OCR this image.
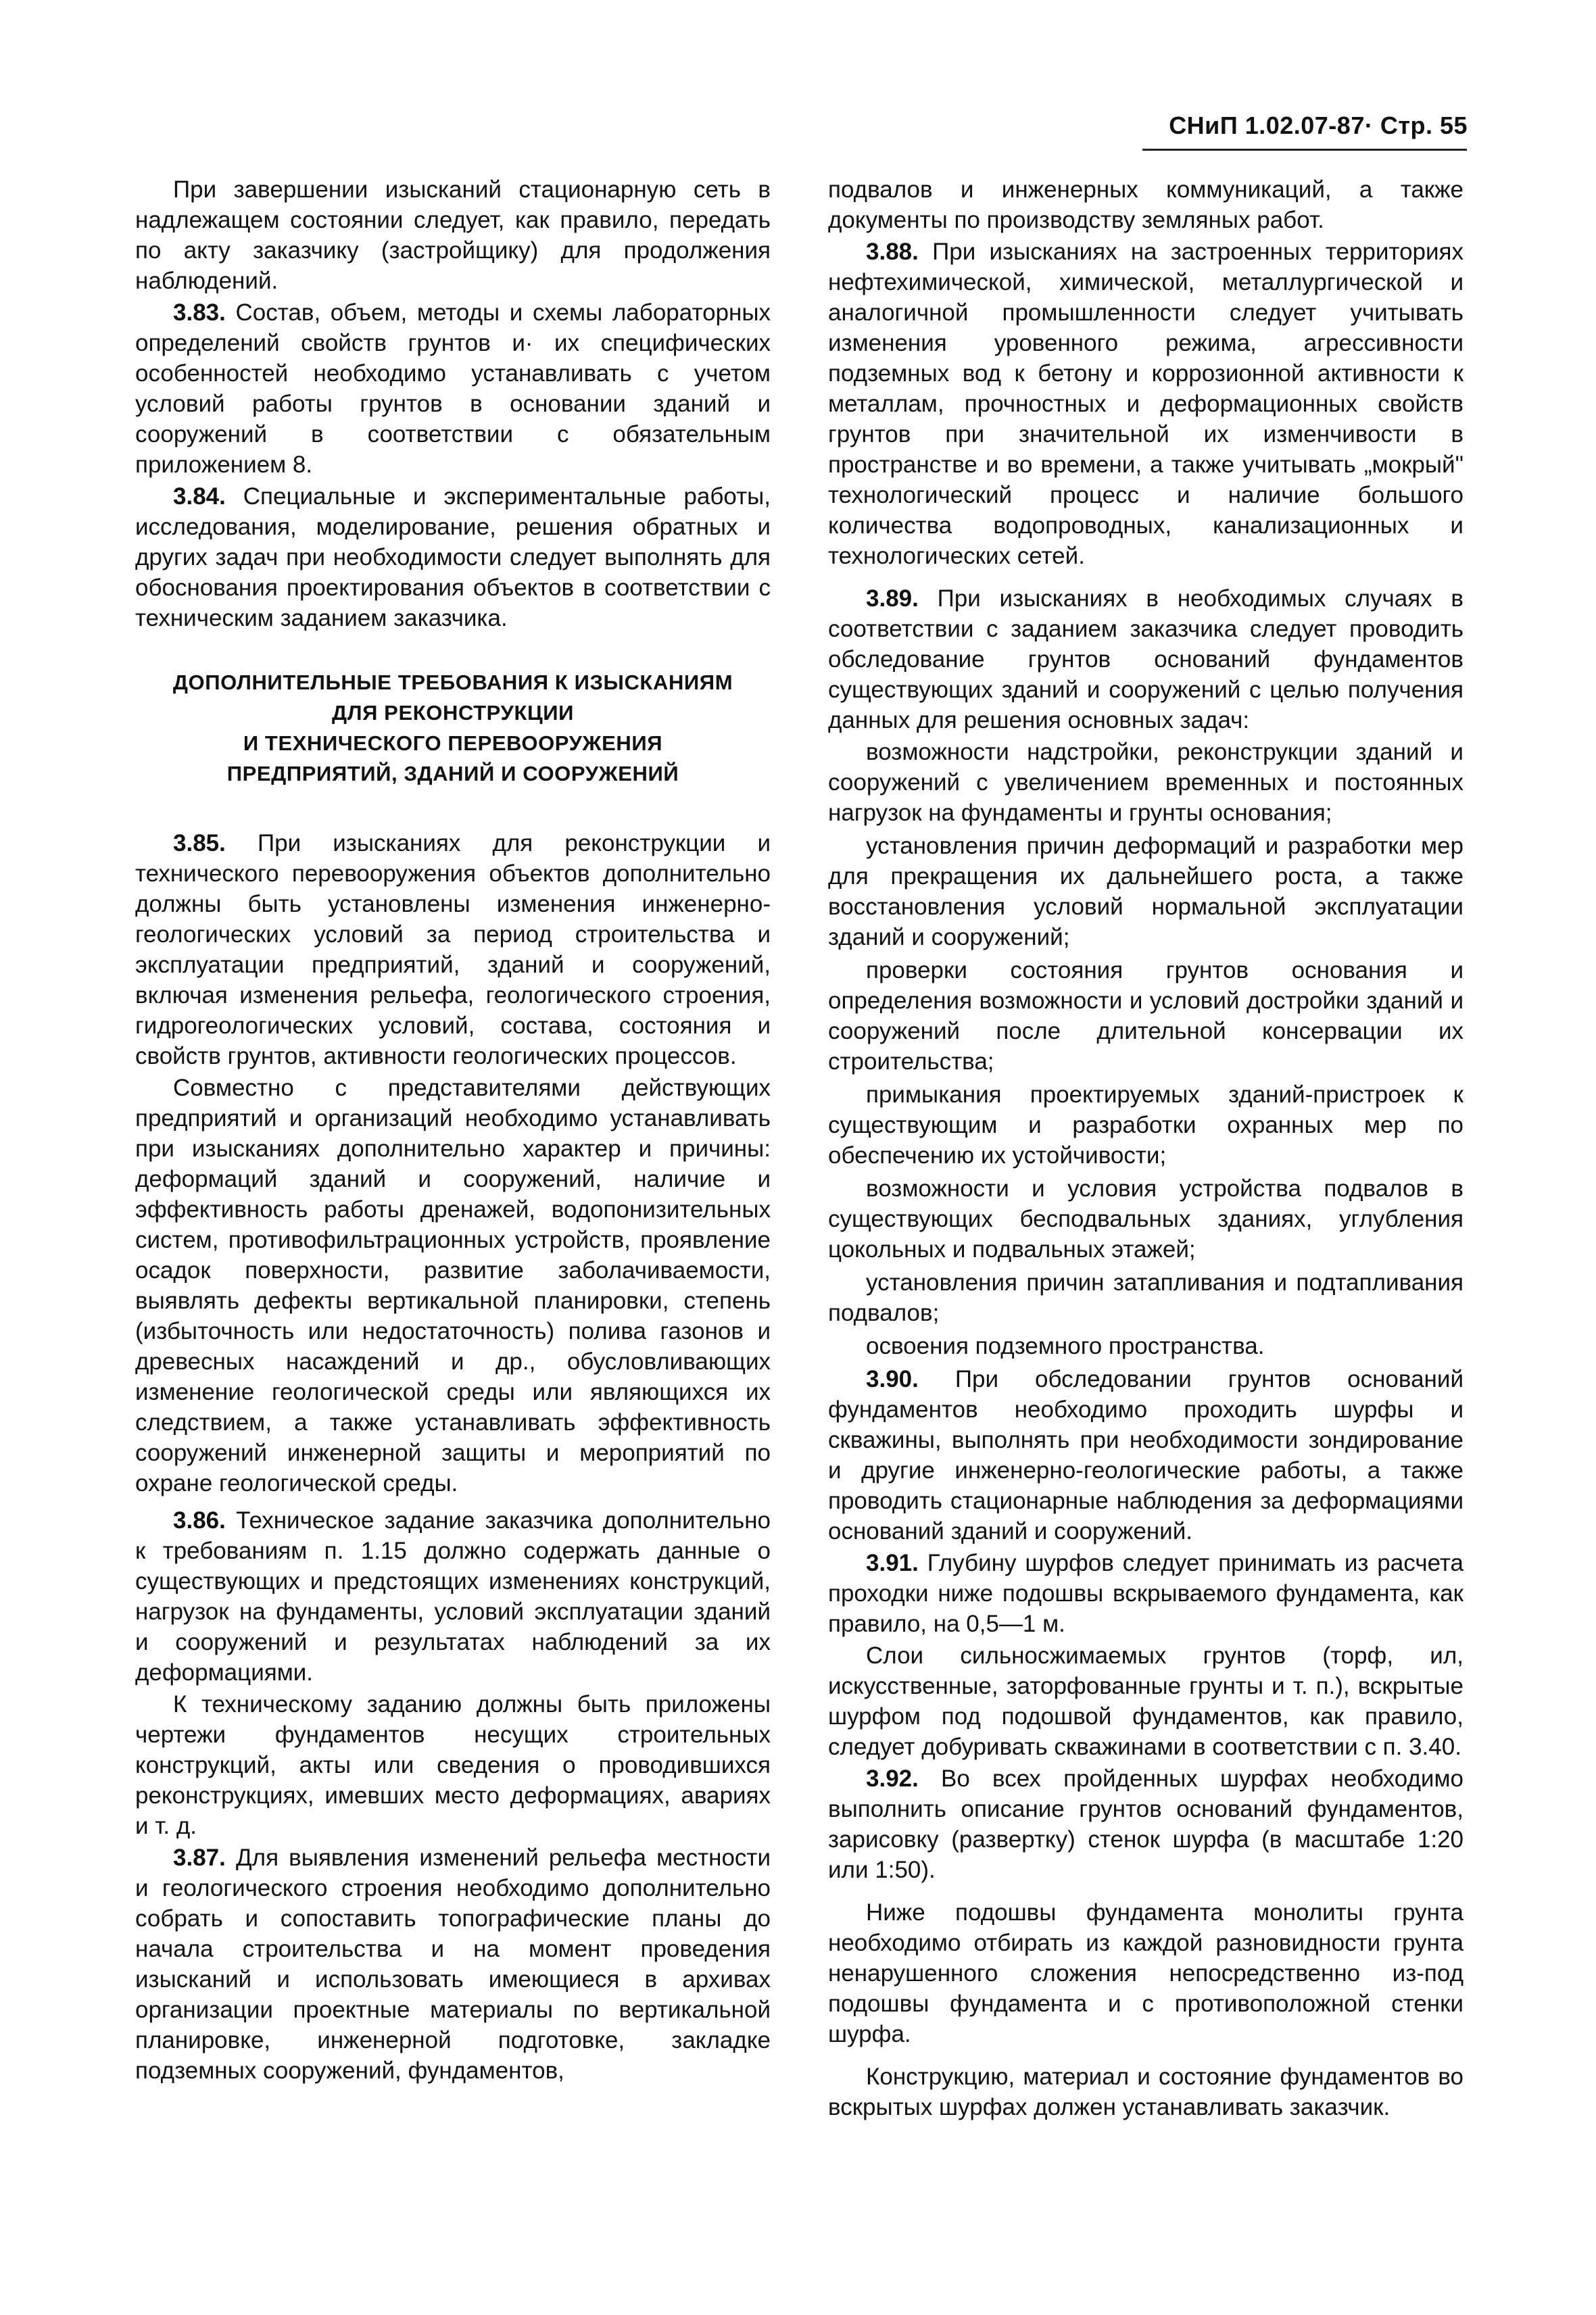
СНиП 1.02.07-87· Стр. 55

При завершении изысканий стационарную сеть в надлежащем состоянии следует, как правило, передать по акту заказчику (застройщику) для продолжения наблюдений.

3.83. Состав, объем, методы и схемы лабораторных определений свойств грунтов и· их специфических особенностей необходимо устанавливать с учетом условий работы грунтов в основании зданий и сооружений в соответствии с обязательным приложением 8.

3.84. Специальные и экспериментальные работы, исследования, моделирование, решения обратных и других задач при необходимости следует выполнять для обоснования проектирования объектов в соответствии с техническим заданием заказчика.

ДОПОЛНИТЕЛЬНЫЕ ТРЕБОВАНИЯ К ИЗЫСКАНИЯМ
ДЛЯ РЕКОНСТРУКЦИИ
И ТЕХНИЧЕСКОГО ПЕРЕВООРУЖЕНИЯ
ПРЕДПРИЯТИЙ, ЗДАНИЙ И СООРУЖЕНИЙ

3.85. При изысканиях для реконструкции и технического перевооружения объектов дополнительно должны быть установлены изменения инженерно-геологических условий за период строительства и эксплуатации предприятий, зданий и сооружений, включая изменения рельефа, геологического строения, гидрогеологических условий, состава, состояния и свойств грунтов, активности геологических процессов.

Совместно с представителями действующих предприятий и организаций необходимо устанавливать при изысканиях дополнительно характер и причины: деформаций зданий и сооружений, наличие и эффективность работы дренажей, водопонизительных систем, противофильтрационных устройств, проявление осадок поверхности, развитие заболачиваемости, выявлять дефекты вертикальной планировки, степень (избыточность или недостаточность) полива газонов и древесных насаждений и др., обусловливающих изменение геологической среды или являющихся их следствием, а также устанавливать эффективность сооружений инженерной защиты и мероприятий по охране геологической среды.

3.86. Техническое задание заказчика дополнительно к требованиям п. 1.15 должно содержать данные о существующих и предстоящих изменениях конструкций, нагрузок на фундаменты, условий эксплуатации зданий и сооружений и результатах наблюдений за их деформациями.

К техническому заданию должны быть приложены чертежи фундаментов несущих строительных конструкций, акты или сведения о проводившихся реконструкциях, имевших место деформациях, авариях и т. д.

3.87. Для выявления изменений рельефа местности и геологического строения необходимо дополнительно собрать и сопоставить топографические планы до начала строительства и на момент проведения изысканий и использовать имеющиеся в архивах организации проектные материалы по вертикальной планировке, инженерной подготовке, закладке подземных сооружений, фундаментов,

подвалов и инженерных коммуникаций, а также документы по производству земляных работ.

3.88. При изысканиях на застроенных территориях нефтехимической, химической, металлургической и аналогичной промышленности следует учитывать изменения уровенного режима, агрессивности подземных вод к бетону и коррозионной активности к металлам, прочностных и деформационных свойств грунтов при значительной их изменчивости в пространстве и во времени, а также учитывать „мокрый" технологический процесс и наличие большого количества водопроводных, канализационных и технологических сетей.

3.89. При изысканиях в необходимых случаях в соответствии с заданием заказчика следует проводить обследование грунтов оснований фундаментов существующих зданий и сооружений с целью получения данных для решения основных задач:

возможности надстройки, реконструкции зданий и сооружений с увеличением временных и постоянных нагрузок на фундаменты и грунты основания;

установления причин деформаций и разработки мер для прекращения их дальнейшего роста, а также восстановления условий нормальной эксплуатации зданий и сооружений;

проверки состояния грунтов основания и определения возможности и условий достройки зданий и сооружений после длительной консервации их строительства;

примыкания проектируемых зданий-пристроек к существующим и разработки охранных мер по обеспечению их устойчивости;

возможности и условия устройства подвалов в существующих бесподвальных зданиях, углубления цокольных и подвальных этажей;

установления причин затапливания и подтапливания подвалов;

освоения подземного пространства.

3.90. При обследовании грунтов оснований фундаментов необходимо проходить шурфы и скважины, выполнять при необходимости зондирование и другие инженерно-геологические работы, а также проводить стационарные наблюдения за деформациями оснований зданий и сооружений.

3.91. Глубину шурфов следует принимать из расчета проходки ниже подошвы вскрываемого фундамента, как правило, на 0,5—1 м.

Слои сильносжимаемых грунтов (торф, ил, искусственные, заторфованные грунты и т. п.), вскрытые шурфом под подошвой фундаментов, как правило, следует добуривать скважинами в соответствии с п. 3.40.

3.92. Во всех пройденных шурфах необходимо выполнить описание грунтов оснований фундаментов, зарисовку (развертку) стенок шурфа (в масштабе 1:20 или 1:50).

Ниже подошвы фундамента монолиты грунта необходимо отбирать из каждой разновидности грунта ненарушенного сложения непосредственно из-под подошвы фундамента и с противоположной стенки шурфа.

Конструкцию, материал и состояние фундаментов во вскрытых шурфах должен устанавливать заказчик.
